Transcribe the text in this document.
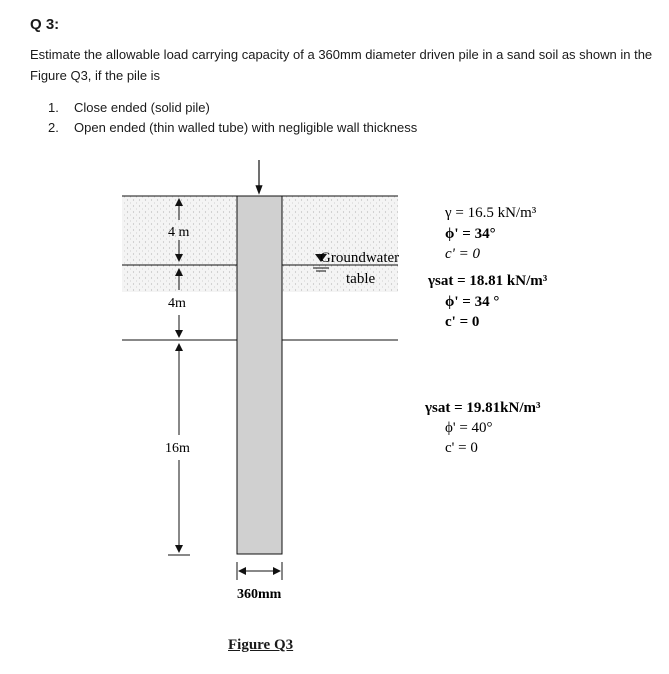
Q 3:
Estimate the allowable load carrying capacity of a 360mm diameter driven pile in a sand soil as shown in the Figure Q3, if the pile is
1.	Close ended (solid pile)
2.	Open ended (thin walled tube) with negligible wall thickness
4 m
4m
16m
Groundwater
table
360mm
γ = 16.5 kN/m³
ϕ' = 34°
c' = 0
γsat = 18.81 kN/m³
ϕ' = 34 °
c' = 0
γsat = 19.81kN/m³
ϕ' = 40°
c' = 0
Figure Q3
